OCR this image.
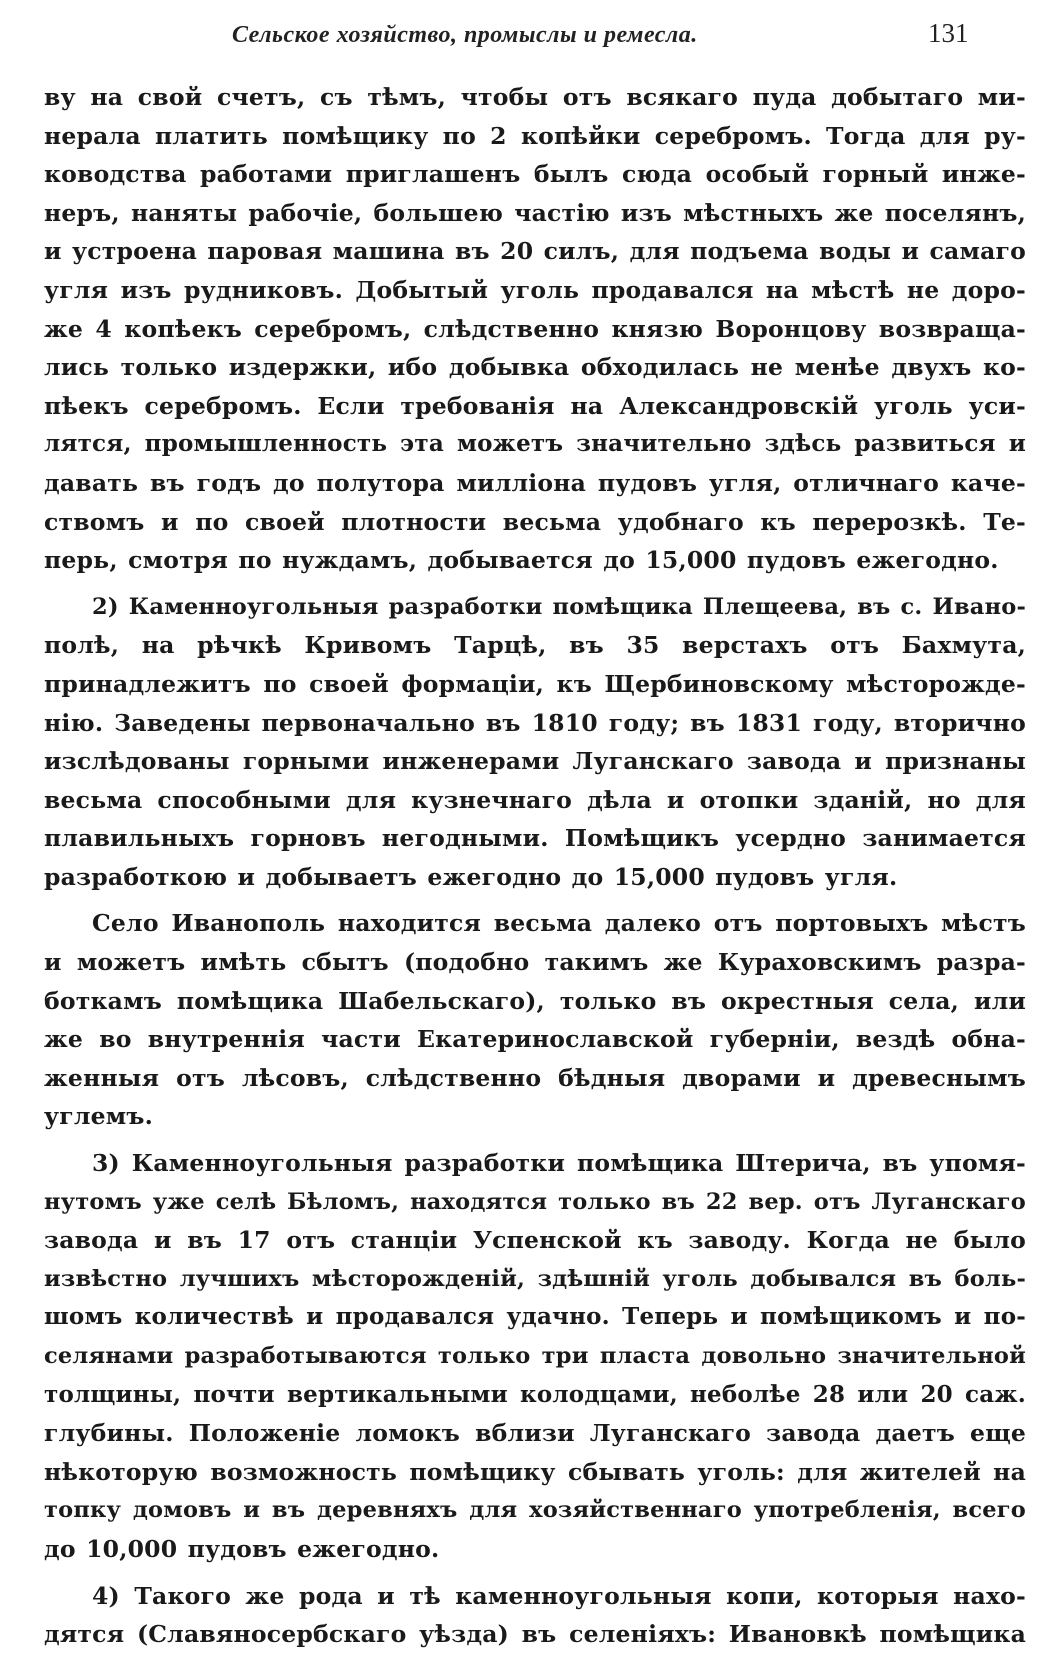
Сельское хозяйство, промыслы и ремесла.	131
ву на свой счетъ, съ тѣмъ, чтобы отъ всякаго пуда добытаго ми-
нерала платить помѣщику по 2 копѣйки серебромъ. Тогда для ру-
ководства работами приглашенъ былъ сюда особый горный инже-
неръ, наняты рабочіе, большею частію изъ мѣстныхъ же поселянъ,
и устроена паровая машина въ 20 силъ, для подъема воды и самаго
угля изъ рудниковъ. Добытый уголь продавался на мѣстѣ не доро-
же 4 копѣекъ серебромъ, слѣдственно князю Воронцову возвраща-
лись только издержки, ибо добывка обходилась не менѣе двухъ ко-
пѣекъ серебромъ. Если требованія на Александровскій уголь уси-
лятся, промышленность эта можетъ значительно здѣсь развиться и
давать въ годъ до полутора милліона пудовъ угля, отличнаго каче-
ствомъ и по своей плотности весьма удобнаго къ перерозкѣ. Те-
перь, смотря по нуждамъ, добывается до 15,000 пудовъ ежегодно.
2) Каменноугольныя разработки помѣщика Плещеева, въ с. Ивано-
полѣ, на рѣчкѣ Кривомъ Тарцѣ, въ 35 верстахъ отъ Бахмута,
принадлежитъ по своей формаціи, къ Щербиновскому мѣсторожде-
нію. Заведены первоначально въ 1810 году; въ 1831 году, вторично
изслѣдованы горными инженерами Луганскаго завода и признаны
весьма способными для кузнечнаго дѣла и отопки зданій, но для
плавильныхъ горновъ негодными. Помѣщикъ усердно занимается
разработкою и добываетъ ежегодно до 15,000 пудовъ угля.
Село Иванополь находится весьма далеко отъ портовыхъ мѣстъ
и можетъ имѣть сбытъ (подобно такимъ же Кураховскимъ разра-
боткамъ помѣщика Шабельскаго), только въ окрестныя села, или
же во внутреннія части Екатеринославской губерніи, вездѣ обна-
женныя отъ лѣсовъ, слѣдственно бѣдныя дворами и древеснымъ
углемъ.
3) Каменноугольныя разработки помѣщика Штерича, въ упомя-
нутомъ уже селѣ Бѣломъ, находятся только въ 22 вер. отъ Луганскаго
завода и въ 17 отъ станціи Успенской къ заводу. Когда не было
извѣстно лучшихъ мѣсторожденій, здѣшній уголь добывался въ боль-
шомъ количествѣ и продавался удачно. Теперь и помѣщикомъ и по-
селянами разработываются только три пласта довольно значительной
толщины, почти вертикальными колодцами, неболѣе 28 или 20 саж.
глубины. Положеніе ломокъ вблизи Луганскаго завода даетъ еще
нѣкоторую возможность помѣщику сбывать уголь: для жителей на
топку домовъ и въ деревняхъ для хозяйственнаго употребленія, всего
до 10,000 пудовъ ежегодно.
4) Такого же рода и тѣ каменноугольныя копи, которыя нахо-
дятся (Славяносербскаго уѣзда) въ селеніяхъ: Ивановкѣ помѣщика
